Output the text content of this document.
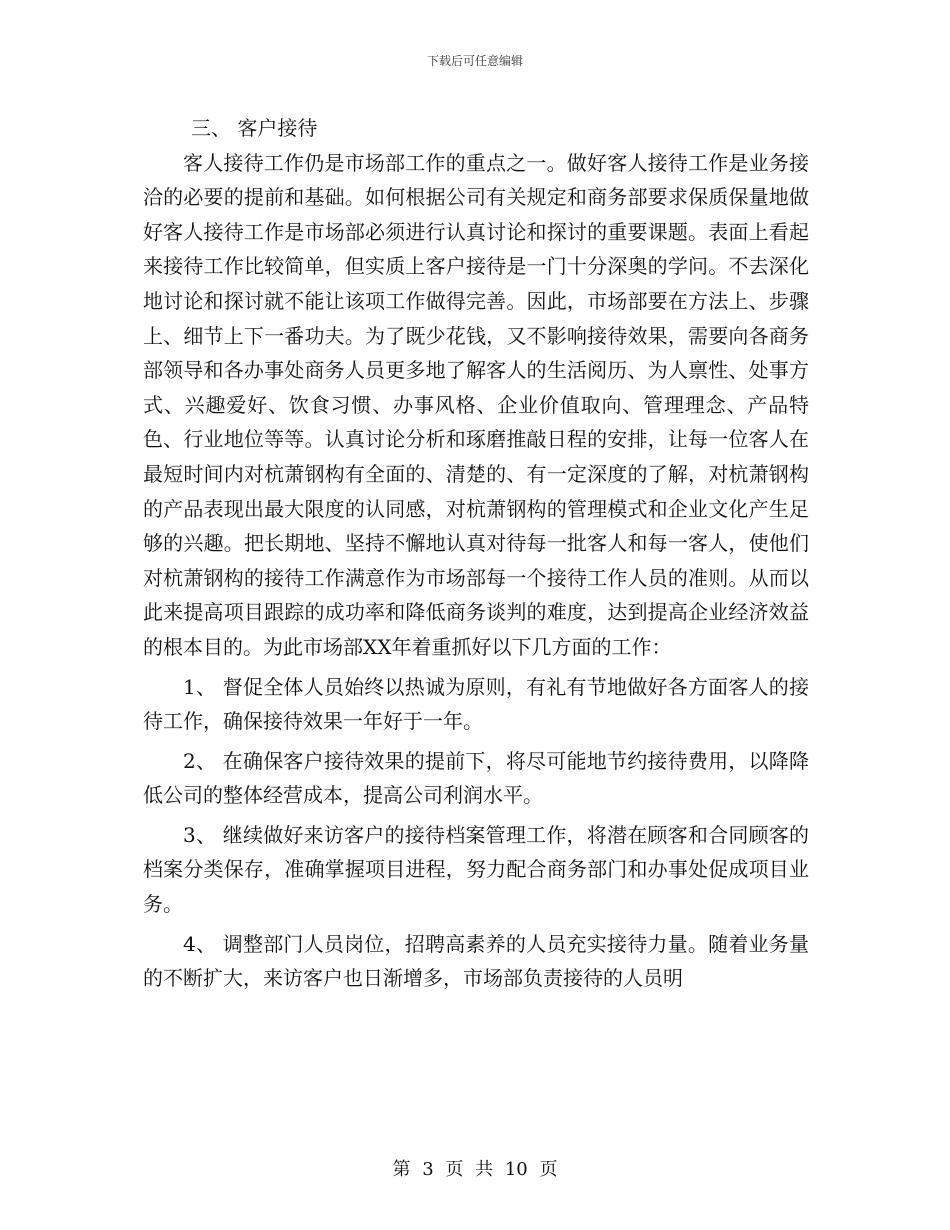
下载后可任意编辑

三、 客户接待

客人接待工作仍是市场部工作的重点之一。做好客人接待工作是业务接洽的必要的提前和基础。如何根据公司有关规定和商务部要求保质保量地做好客人接待工作是市场部必须进行认真讨论和探讨的重要课题。表面上看起来接待工作比较简单，但实质上客户接待是一门十分深奥的学问。不去深化地讨论和探讨就不能让该项工作做得完善。因此，市场部要在方法上、步骤上、细节上下一番功夫。为了既少花钱，又不影响接待效果，需要向各商务部领导和各办事处商务人员更多地了解客人的生活阅历、为人禀性、处事方式、兴趣爱好、饮食习惯、办事风格、企业价值取向、管理理念、产品特色、行业地位等等。认真讨论分析和琢磨推敲日程的安排，让每一位客人在最短时间内对杭萧钢构有全面的、清楚的、有一定深度的了解，对杭萧钢构的产品表现出最大限度的认同感，对杭萧钢构的管理模式和企业文化产生足够的兴趣。把长期地、坚持不懈地认真对待每一批客人和每一客人，使他们对杭萧钢构的接待工作满意作为市场部每一个接待工作人员的准则。从而以此来提高项目跟踪的成功率和降低商务谈判的难度，达到提高企业经济效益的根本目的。为此市场部XX年着重抓好以下几方面的工作：

1、 督促全体人员始终以热诚为原则，有礼有节地做好各方面客人的接待工作，确保接待效果一年好于一年。

2、 在确保客户接待效果的提前下，将尽可能地节约接待费用，以降降低公司的整体经营成本，提高公司利润水平。

3、 继续做好来访客户的接待档案管理工作，将潜在顾客和合同顾客的档案分类保存，准确掌握项目进程，努力配合商务部门和办事处促成项目业务。

4、 调整部门人员岗位，招聘高素养的人员充实接待力量。随着业务量的不断扩大，来访客户也日渐增多，市场部负责接待的人员明

第 3 页 共 10 页
